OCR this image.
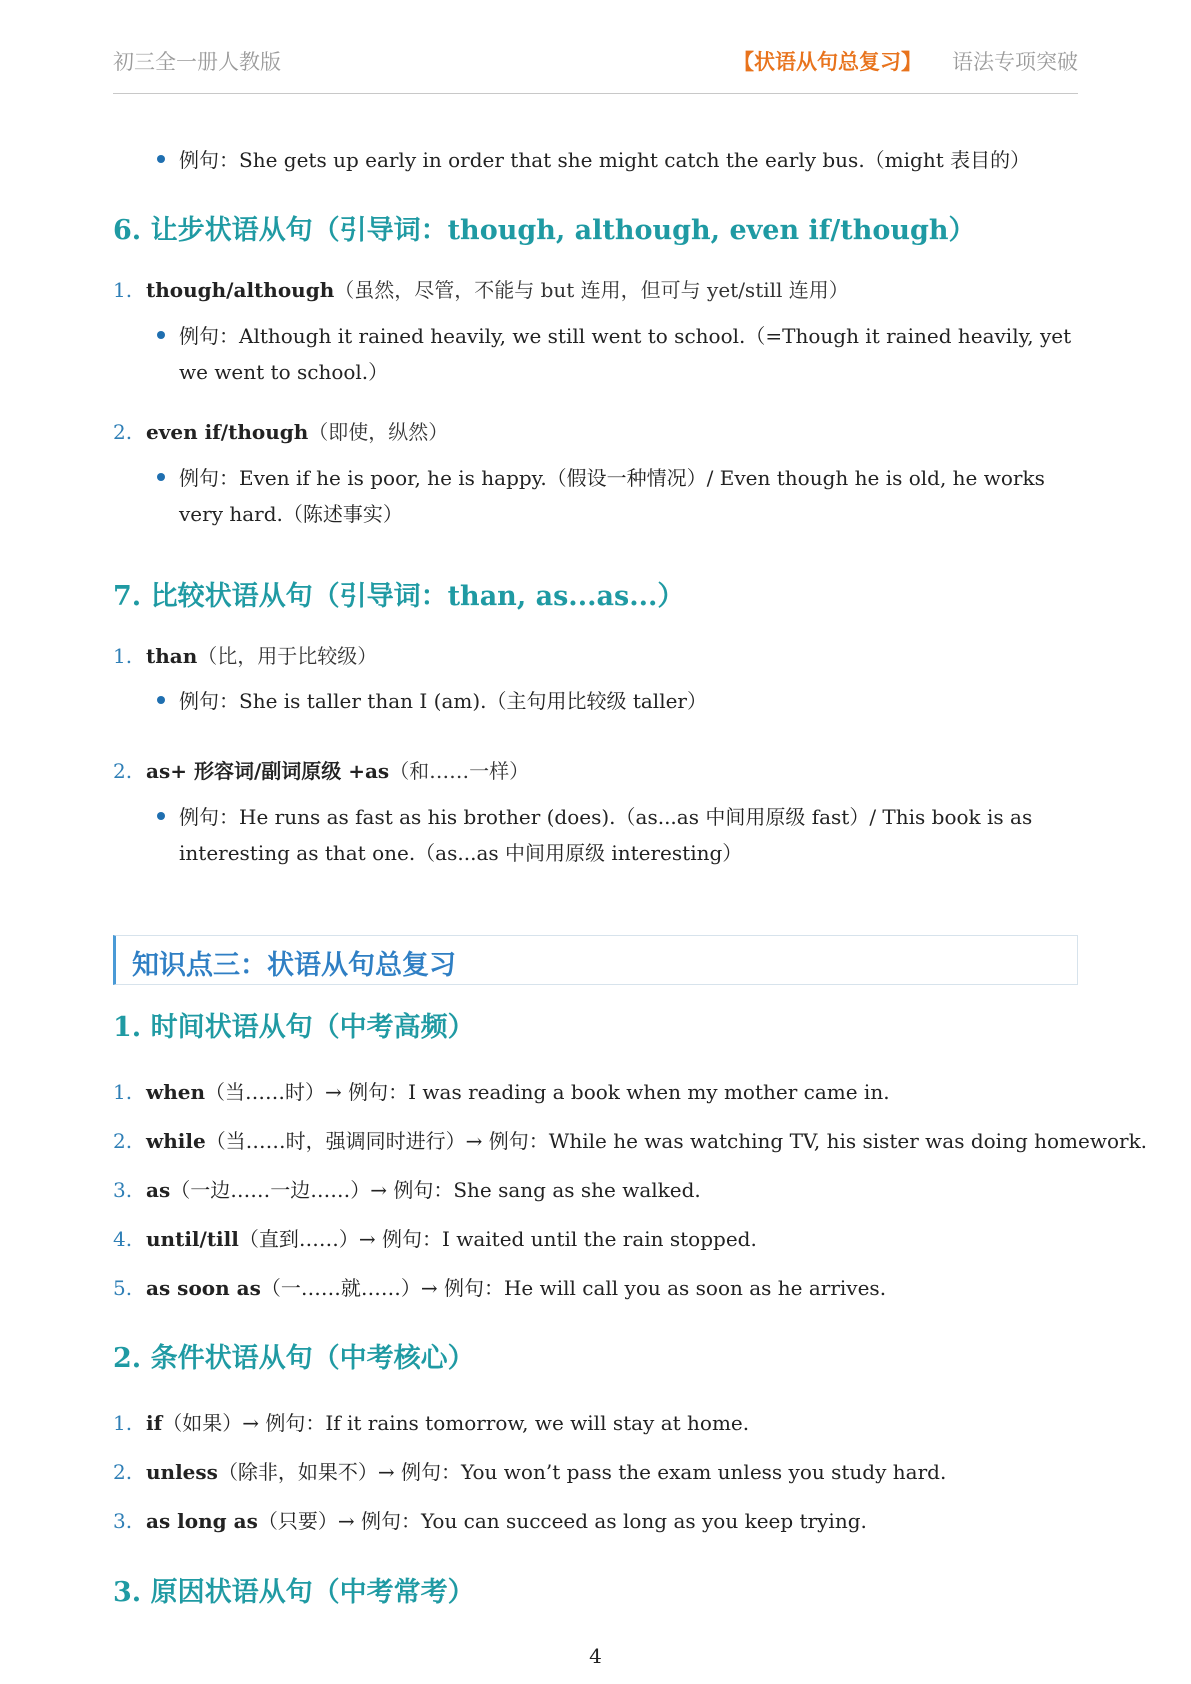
初三全一册人教版	【状语从句总复习】 语法专项突破
例句：She gets up early in order that she might catch the early bus.（might 表目的）
6. 让步状语从句（引导词：though, although, even if/though）
1. though/although（虽然，尽管，不能与 but 连用，但可与 yet/still 连用）
例句：Although it rained heavily, we still went to school.（=Though it rained heavily, yet we went to school.）
2. even if/though（即使，纵然）
例句：Even if he is poor, he is happy.（假设一种情况）/ Even though he is old, he works very hard.（陈述事实）
7. 比较状语从句（引导词：than, as...as...）
1. than（比，用于比较级）
例句：She is taller than I (am).（主句用比较级 taller）
2. as+ 形容词/副词原级 +as（和……一样）
例句：He runs as fast as his brother (does).（as...as 中间用原级 fast）/ This book is as interesting as that one.（as...as 中间用原级 interesting）
知识点三：状语从句总复习
1. 时间状语从句（中考高频）
1. when（当……时）→ 例句：I was reading a book when my mother came in.
2. while（当……时，强调同时进行）→ 例句：While he was watching TV, his sister was doing homework.
3. as（一边……一边……）→ 例句：She sang as she walked.
4. until/till（直到……）→ 例句：I waited until the rain stopped.
5. as soon as（一……就……）→ 例句：He will call you as soon as he arrives.
2. 条件状语从句（中考核心）
1. if（如果）→ 例句：If it rains tomorrow, we will stay at home.
2. unless（除非，如果不）→ 例句：You won’t pass the exam unless you study hard.
3. as long as（只要）→ 例句：You can succeed as long as you keep trying.
3. 原因状语从句（中考常考）
4
